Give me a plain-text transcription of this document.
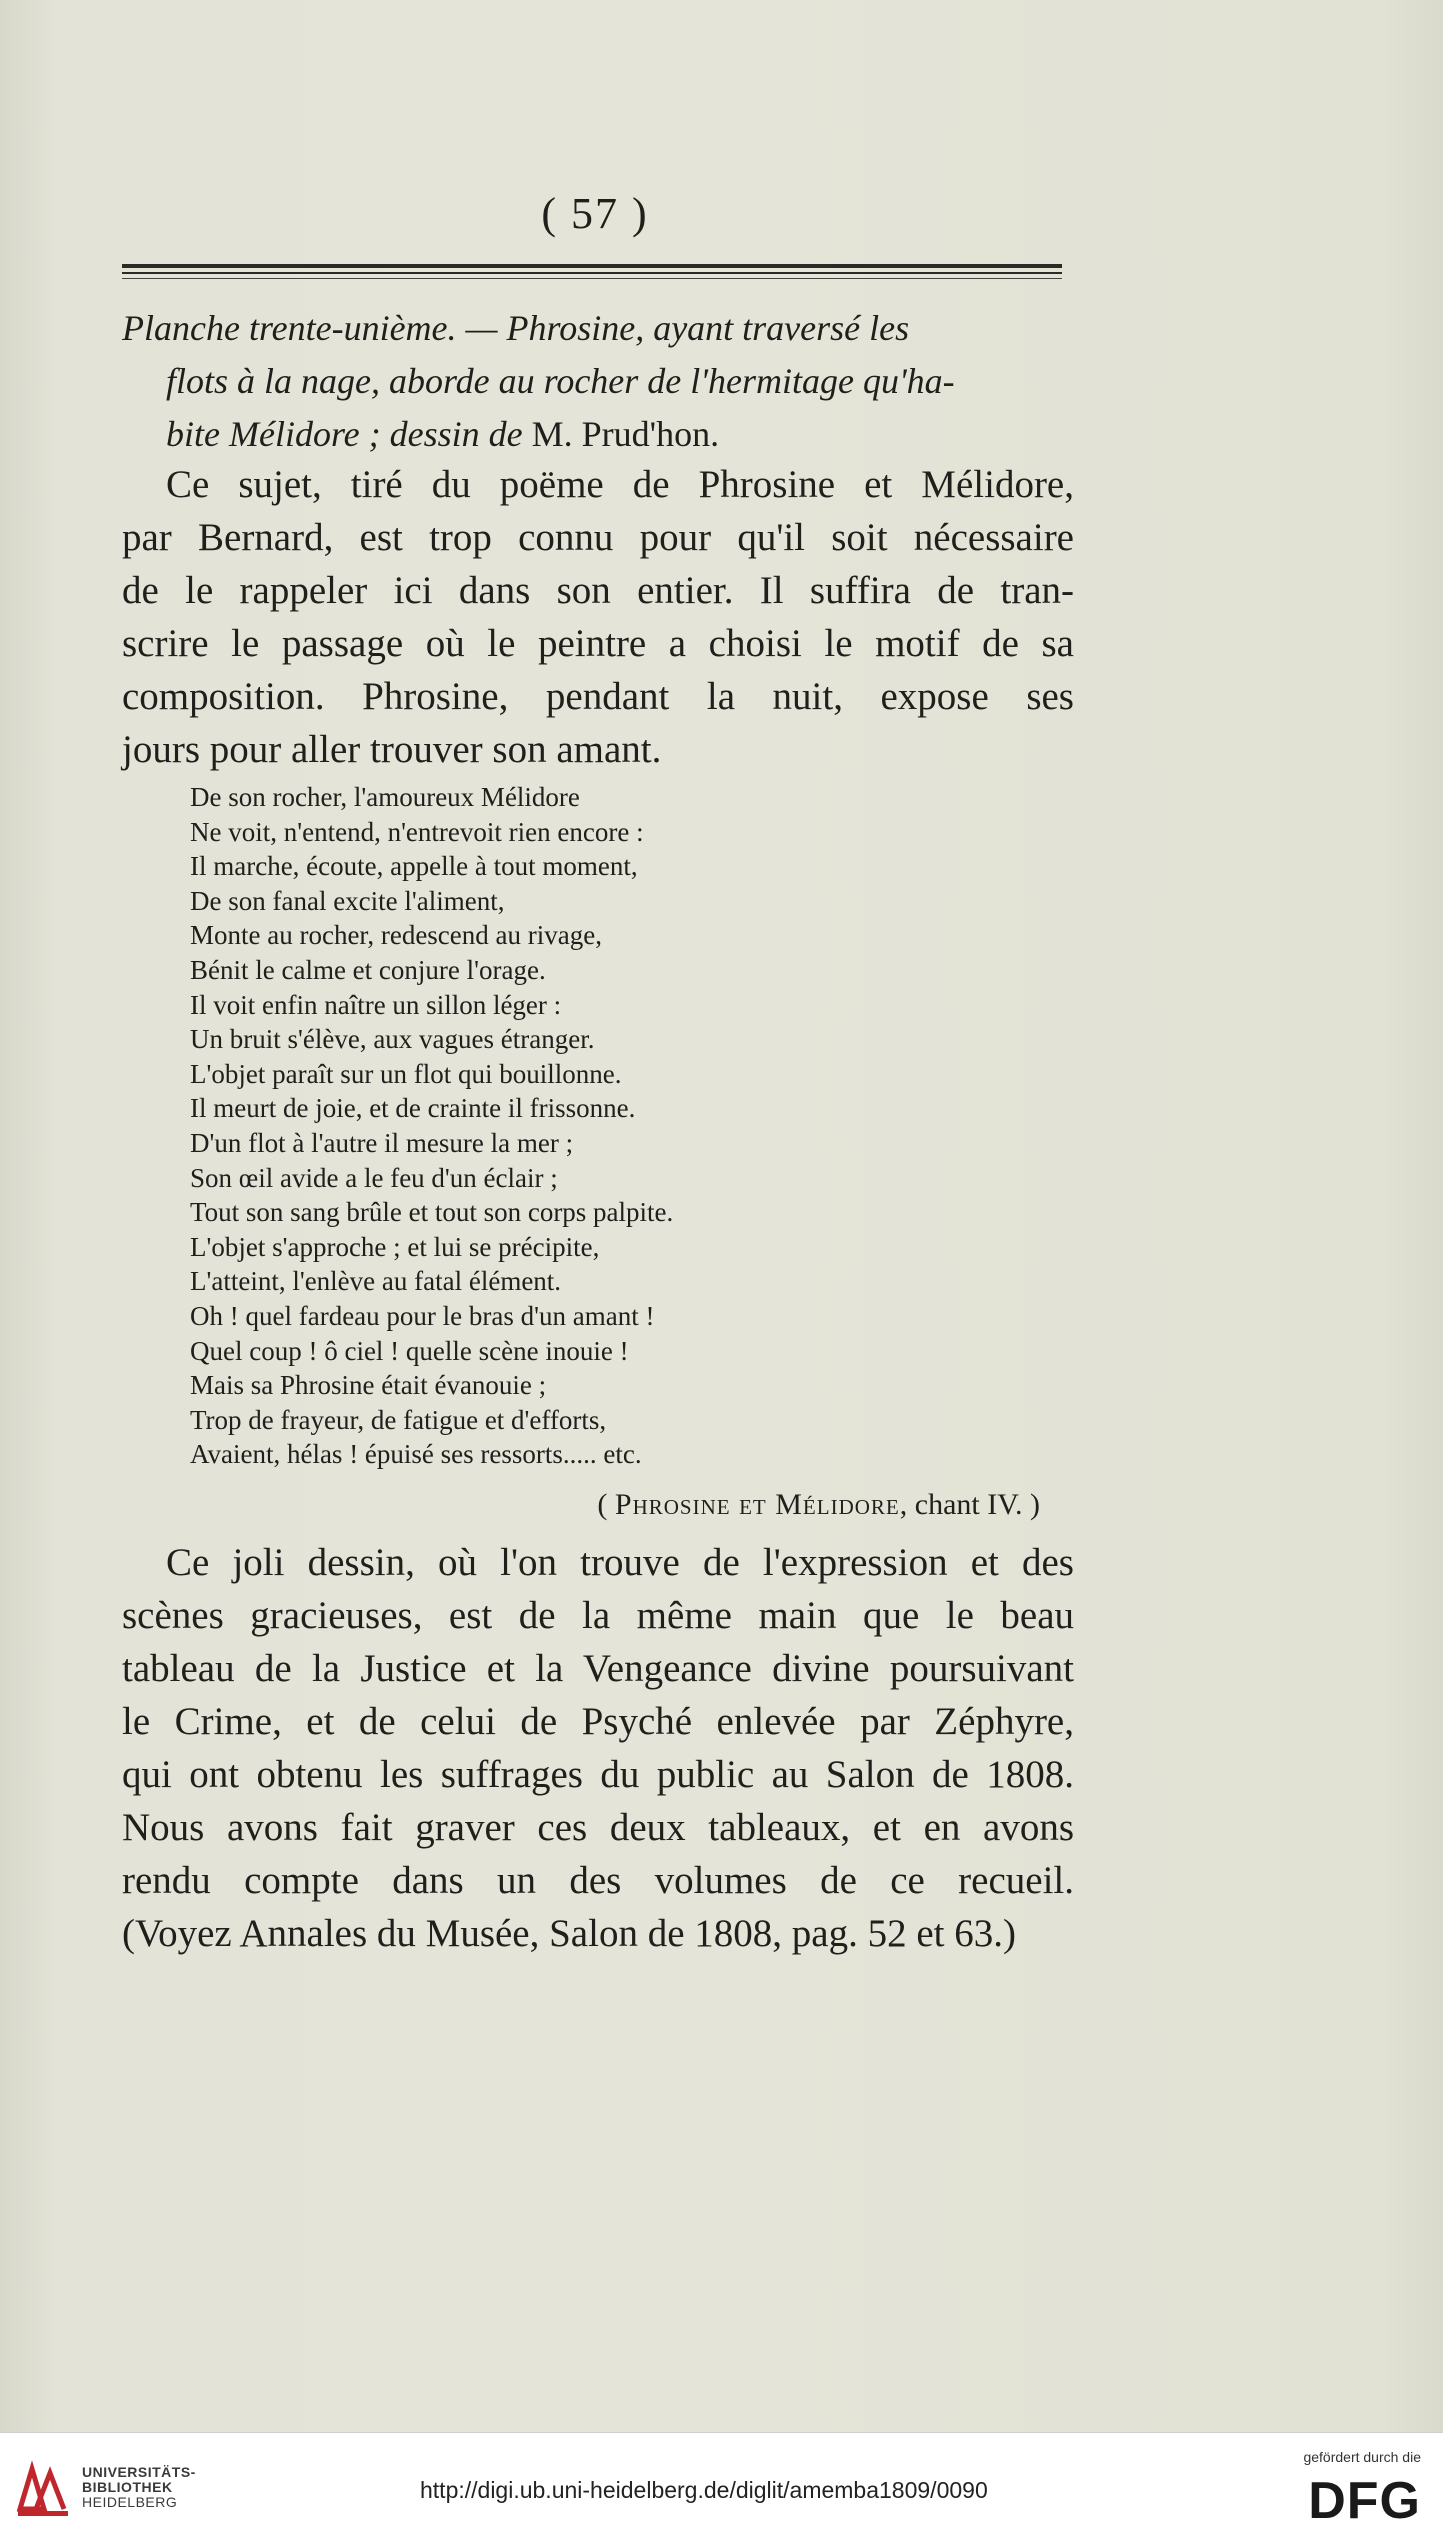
( 57 )
Planche trente-unième. — Phrosine, ayant traversé les
flots à la nage, aborde au rocher de l'hermitage qu'ha-
bite Mélidore ; dessin de M. Prud'hon.
Ce sujet, tiré du poëme de Phrosine et Mélidore,
par Bernard, est trop connu pour qu'il soit nécessaire
de le rappeler ici dans son entier. Il suffira de tran-
scrire le passage où le peintre a choisi le motif de sa
composition. Phrosine, pendant la nuit, expose ses
jours pour aller trouver son amant.
De son rocher, l'amoureux Mélidore
Ne voit, n'entend, n'entrevoit rien encore :
Il marche, écoute, appelle à tout moment,
De son fanal excite l'aliment,
Monte au rocher, redescend au rivage,
Bénit le calme et conjure l'orage.
Il voit enfin naître un sillon léger :
Un bruit s'élève, aux vagues étranger.
L'objet paraît sur un flot qui bouillonne.
Il meurt de joie, et de crainte il frissonne.
D'un flot à l'autre il mesure la mer ;
Son œil avide a le feu d'un éclair ;
Tout son sang brûle et tout son corps palpite.
L'objet s'approche ; et lui se précipite,
L'atteint, l'enlève au fatal élément.
Oh ! quel fardeau pour le bras d'un amant !
Quel coup ! ô ciel ! quelle scène inouie !
Mais sa Phrosine était évanouie ;
Trop de frayeur, de fatigue et d'efforts,
Avaient, hélas ! épuisé ses ressorts..... etc.
( Phrosine et Mélidore, chant IV. )
Ce joli dessin, où l'on trouve de l'expression et des
scènes gracieuses, est de la même main que le beau
tableau de la Justice et la Vengeance divine poursuivant
le Crime, et de celui de Psyché enlevée par Zéphyre,
qui ont obtenu les suffrages du public au Salon de 1808.
Nous avons fait graver ces deux tableaux, et en avons
rendu compte dans un des volumes de ce recueil.
(Voyez Annales du Musée, Salon de 1808, pag. 52 et 63.)
UNIVERSITÄTS-
BIBLIOTHEK
HEIDELBERG	http://digi.ub.uni-heidelberg.de/diglit/amemba1809/0090
gefördert durch die
DFG
